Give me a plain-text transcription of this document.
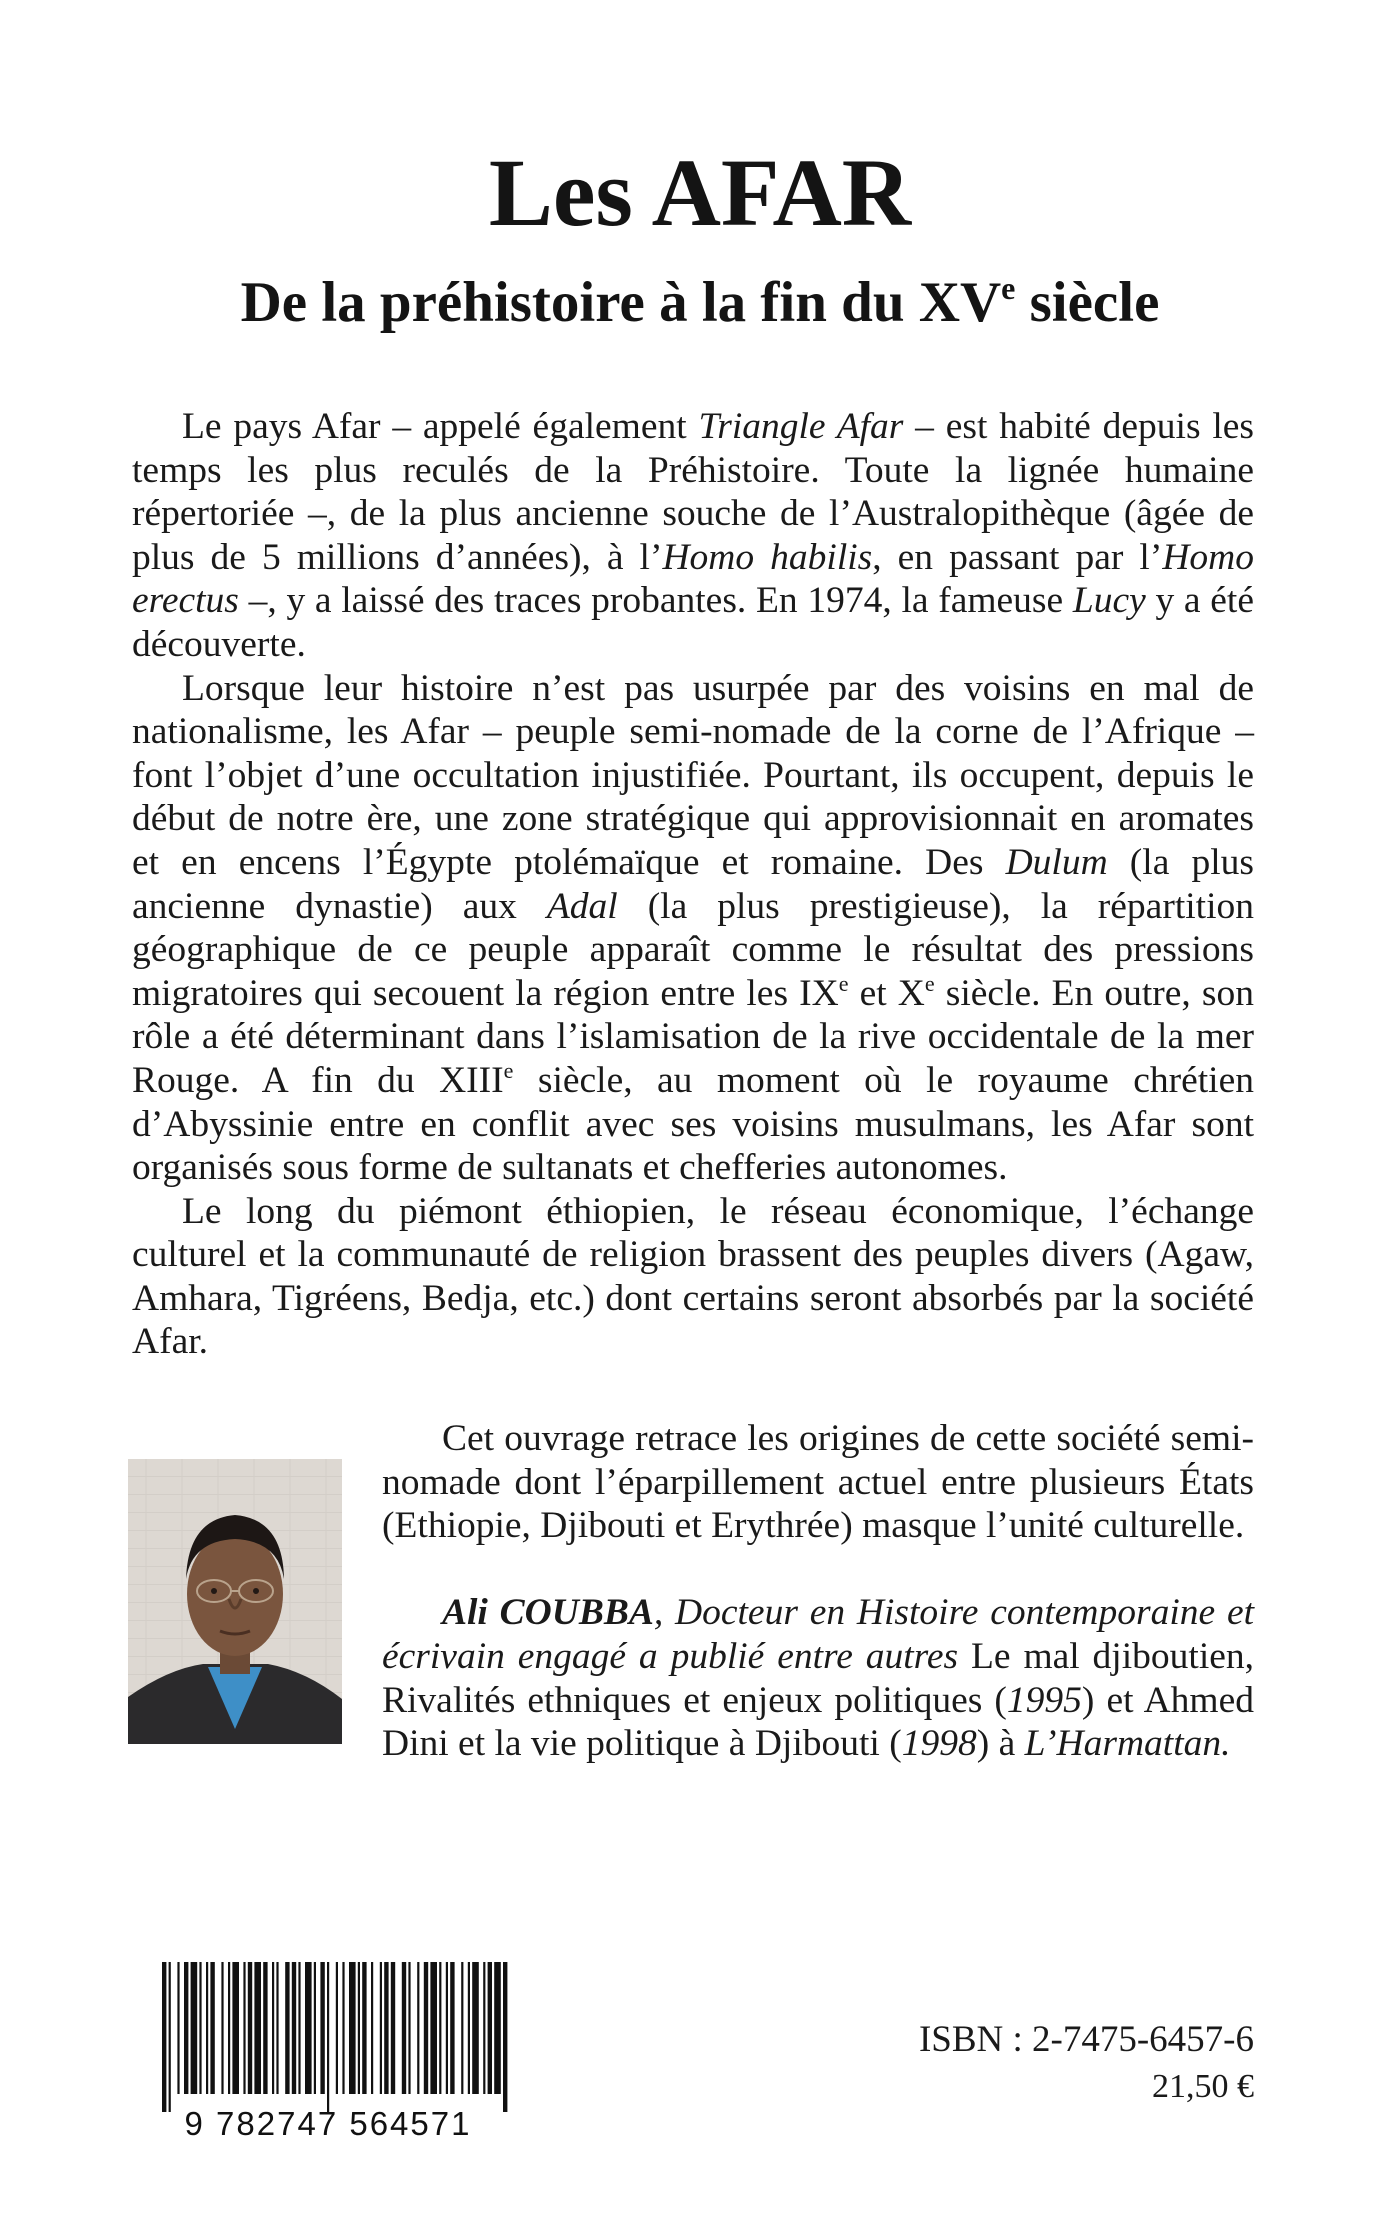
Les AFAR
De la préhistoire à la fin du XVe siècle

Le pays Afar – appelé également Triangle Afar – est habité depuis les temps les plus reculés de la Préhistoire. Toute la lignée humaine répertoriée –, de la plus ancienne souche de l’Australopithèque (âgée de plus de 5 millions d’années), à l’Homo habilis, en passant par l’Homo erectus –, y a laissé des traces probantes. En 1974, la fameuse Lucy y a été découverte.

Lorsque leur histoire n’est pas usurpée par des voisins en mal de nationalisme, les Afar – peuple semi-nomade de la corne de l’Afrique – font l’objet d’une occultation injustifiée. Pourtant, ils occupent, depuis le début de notre ère, une zone stratégique qui approvisionnait en aromates et en encens l’Égypte ptolémaïque et romaine. Des Dulum (la plus ancienne dynastie) aux Adal (la plus prestigieuse), la répartition géographique de ce peuple apparaît comme le résultat des pressions migratoires qui secouent la région entre les IXe et Xe siècle. En outre, son rôle a été déterminant dans l’islamisation de la rive occidentale de la mer Rouge. A fin du XIIIe siècle, au moment où le royaume chrétien d’Abyssinie entre en conflit avec ses voisins musulmans, les Afar sont organisés sous forme de sultanats et chefferies autonomes.

Le long du piémont éthiopien, le réseau économique, l’échange culturel et la communauté de religion brassent des peuples divers (Agaw, Amhara, Tigréens, Bedja, etc.) dont certains seront absorbés par la société Afar.

Cet ouvrage retrace les origines de cette société semi-nomade dont l’éparpillement actuel entre plusieurs États (Ethiopie, Djibouti et Erythrée) masque l’unité culturelle.

Ali COUBBA, Docteur en Histoire contemporaine et écrivain engagé a publié entre autres Le mal djiboutien, Rivalités ethniques et enjeux politiques (1995) et Ahmed Dini et la vie politique à Djibouti (1998) à L’Harmattan.

9 782747 564571
ISBN : 2-7475-6457-6
21,50 €
